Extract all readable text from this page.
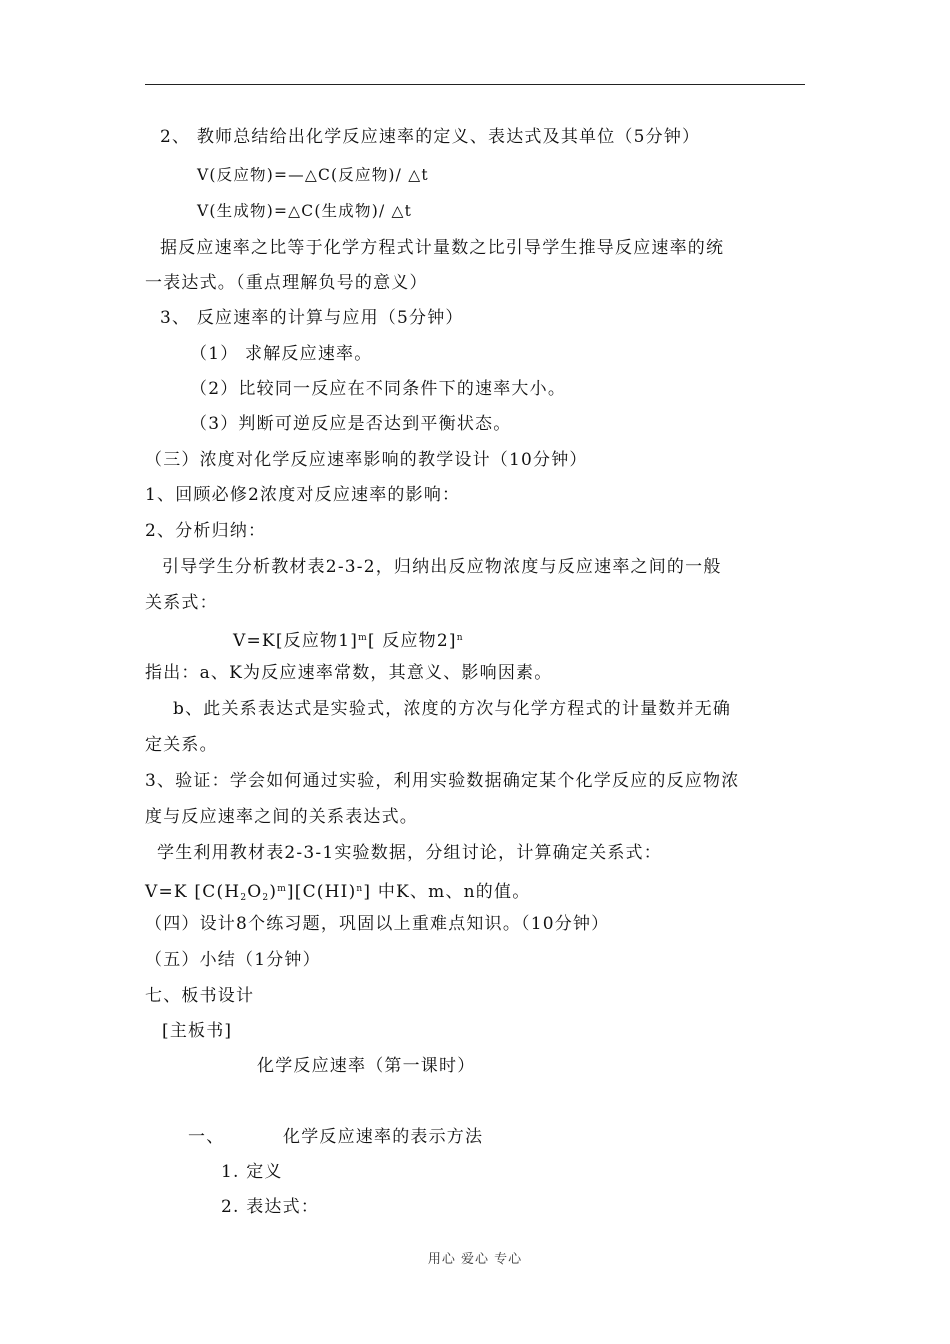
2、 教师总结给出化学反应速率的定义、表达式及其单位（5分钟）
V(反应物)=—△C(反应物)/ △t
V(生成物)=△C(生成物)/ △t
据反应速率之比等于化学方程式计量数之比引导学生推导反应速率的统
一表达式。（重点理解负号的意义）
3、 反应速率的计算与应用（5分钟）
（1） 求解反应速率。
（2）比较同一反应在不同条件下的速率大小。
（3）判断可逆反应是否达到平衡状态。
（三）浓度对化学反应速率影响的教学设计（10分钟）
1、回顾必修2浓度对反应速率的影响：
2、分析归纳：
引导学生分析教材表2-3-2，归纳出反应物浓度与反应速率之间的一般
关系式：
V=K[反应物1]$^m$[ 反应物2]$^n$
指出：a、K为反应速率常数，其意义、影响因素。
b、此关系表达式是实验式，浓度的方次与化学方程式的计量数并无确
定关系。
3、验证：学会如何通过实验，利用实验数据确定某个化学反应的反应物浓
度与反应速率之间的关系表达式。
学生利用教材表2-3-1实验数据，分组讨论，计算确定关系式：
V=K $[C(H_2O_2)^m][C(HI)^n]$ 中K、m、n的值。
（四）设计8个练习题，巩固以上重难点知识。（10分钟）
（五）小结（1分钟）
七、板书设计
[主板书]
化学反应速率（第一课时）
一、	化学反应速率的表示方法
1. 定义
2. 表达式：
用心 爱心 专心
